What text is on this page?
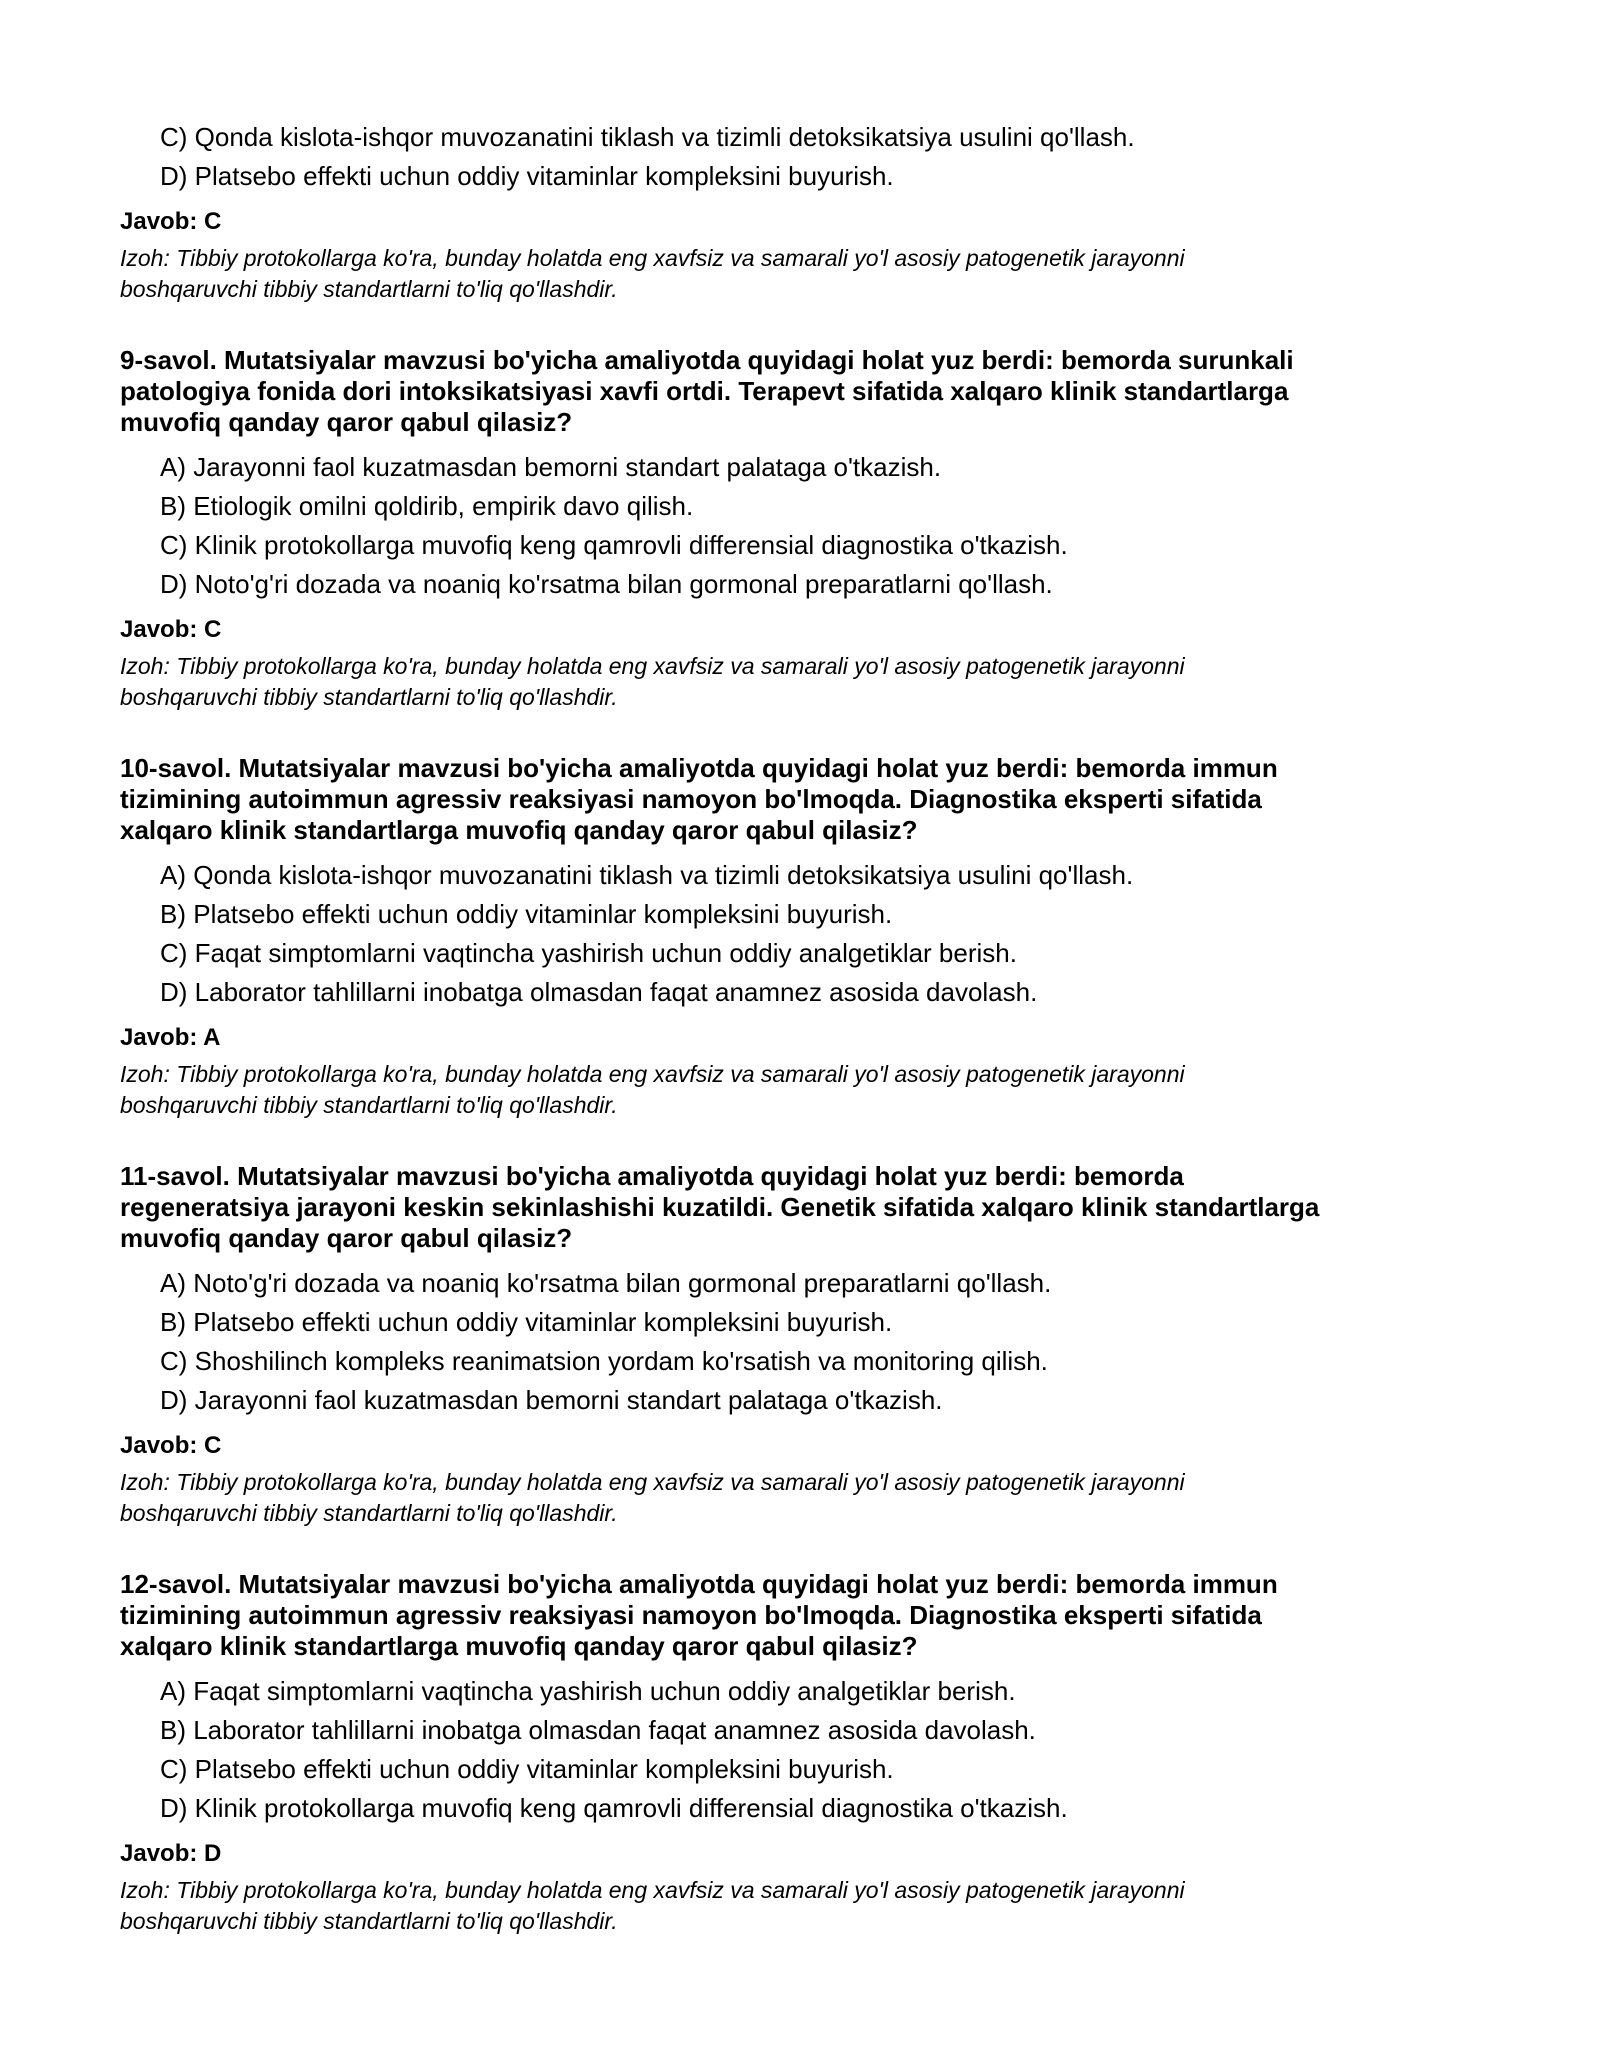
C) Qonda kislota-ishqor muvozanatini tiklash va tizimli detoksikatsiya usulini qo'llash.
D) Platsebo effekti uchun oddiy vitaminlar kompleksini buyurish.
Javob: C
Izoh: Tibbiy protokollarga ko'ra, bunday holatda eng xavfsiz va samarali yo'l asosiy patogenetik jarayonni
boshqaruvchi tibbiy standartlarni to'liq qo'llashdir.
9-savol. Mutatsiyalar mavzusi bo'yicha amaliyotda quyidagi holat yuz berdi: bemorda surunkali
patologiya fonida dori intoksikatsiyasi xavfi ortdi. Terapevt sifatida xalqaro klinik standartlarga
muvofiq qanday qaror qabul qilasiz?
A) Jarayonni faol kuzatmasdan bemorni standart palataga o'tkazish.
B) Etiologik omilni qoldirib, empirik davo qilish.
C) Klinik protokollarga muvofiq keng qamrovli differensial diagnostika o'tkazish.
D) Noto'g'ri dozada va noaniq ko'rsatma bilan gormonal preparatlarni qo'llash.
Javob: C
Izoh: Tibbiy protokollarga ko'ra, bunday holatda eng xavfsiz va samarali yo'l asosiy patogenetik jarayonni
boshqaruvchi tibbiy standartlarni to'liq qo'llashdir.
10-savol. Mutatsiyalar mavzusi bo'yicha amaliyotda quyidagi holat yuz berdi: bemorda immun
tizimining autoimmun agressiv reaksiyasi namoyon bo'lmoqda. Diagnostika eksperti sifatida
xalqaro klinik standartlarga muvofiq qanday qaror qabul qilasiz?
A) Qonda kislota-ishqor muvozanatini tiklash va tizimli detoksikatsiya usulini qo'llash.
B) Platsebo effekti uchun oddiy vitaminlar kompleksini buyurish.
C) Faqat simptomlarni vaqtincha yashirish uchun oddiy analgetiklar berish.
D) Laborator tahlillarni inobatga olmasdan faqat anamnez asosida davolash.
Javob: A
Izoh: Tibbiy protokollarga ko'ra, bunday holatda eng xavfsiz va samarali yo'l asosiy patogenetik jarayonni
boshqaruvchi tibbiy standartlarni to'liq qo'llashdir.
11-savol. Mutatsiyalar mavzusi bo'yicha amaliyotda quyidagi holat yuz berdi: bemorda
regeneratsiya jarayoni keskin sekinlashishi kuzatildi. Genetik sifatida xalqaro klinik standartlarga
muvofiq qanday qaror qabul qilasiz?
A) Noto'g'ri dozada va noaniq ko'rsatma bilan gormonal preparatlarni qo'llash.
B) Platsebo effekti uchun oddiy vitaminlar kompleksini buyurish.
C) Shoshilinch kompleks reanimatsion yordam ko'rsatish va monitoring qilish.
D) Jarayonni faol kuzatmasdan bemorni standart palataga o'tkazish.
Javob: C
Izoh: Tibbiy protokollarga ko'ra, bunday holatda eng xavfsiz va samarali yo'l asosiy patogenetik jarayonni
boshqaruvchi tibbiy standartlarni to'liq qo'llashdir.
12-savol. Mutatsiyalar mavzusi bo'yicha amaliyotda quyidagi holat yuz berdi: bemorda immun
tizimining autoimmun agressiv reaksiyasi namoyon bo'lmoqda. Diagnostika eksperti sifatida
xalqaro klinik standartlarga muvofiq qanday qaror qabul qilasiz?
A) Faqat simptomlarni vaqtincha yashirish uchun oddiy analgetiklar berish.
B) Laborator tahlillarni inobatga olmasdan faqat anamnez asosida davolash.
C) Platsebo effekti uchun oddiy vitaminlar kompleksini buyurish.
D) Klinik protokollarga muvofiq keng qamrovli differensial diagnostika o'tkazish.
Javob: D
Izoh: Tibbiy protokollarga ko'ra, bunday holatda eng xavfsiz va samarali yo'l asosiy patogenetik jarayonni
boshqaruvchi tibbiy standartlarni to'liq qo'llashdir.
